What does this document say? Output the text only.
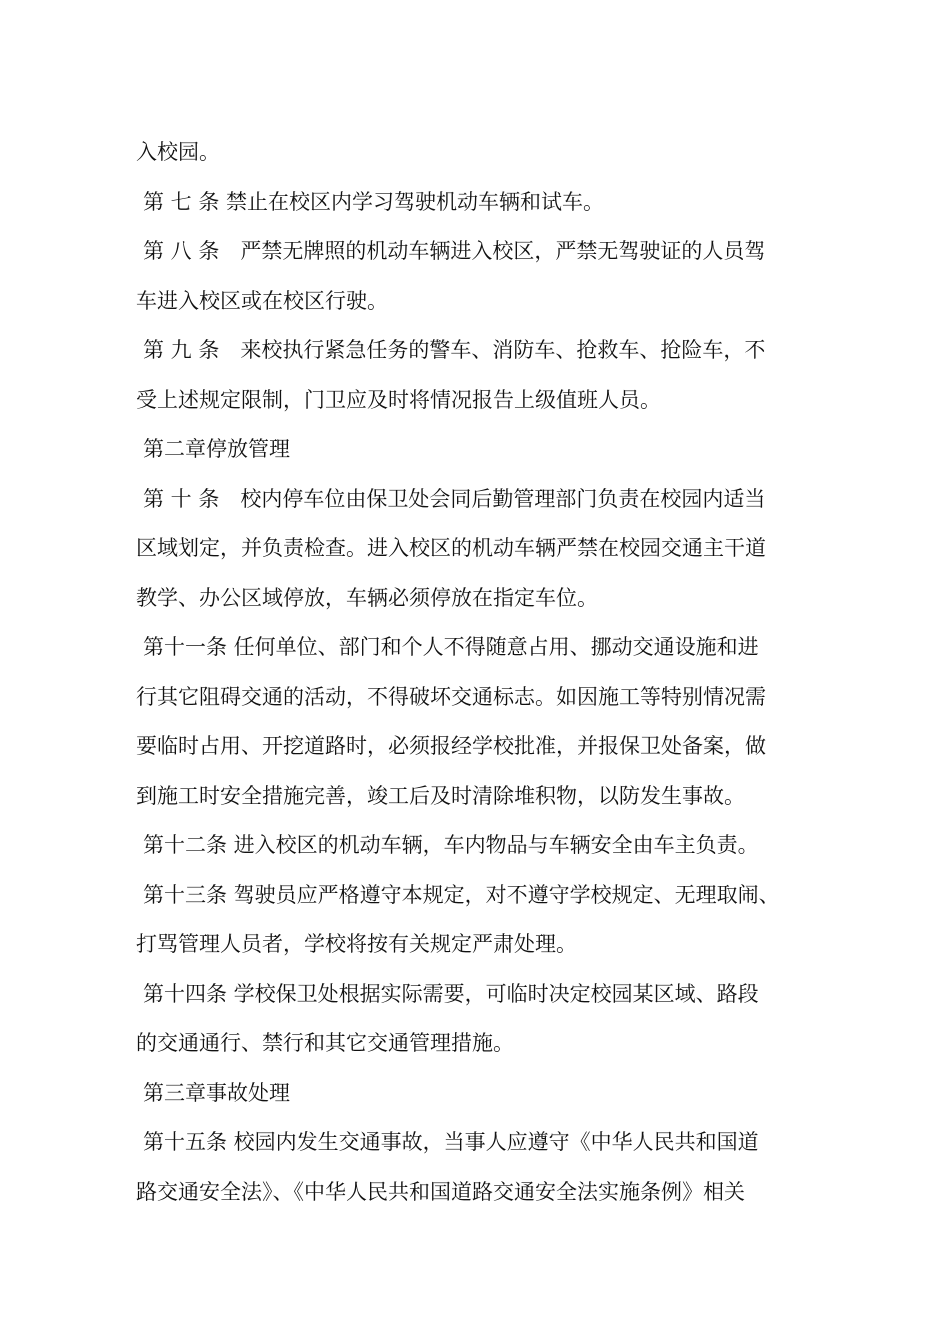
入校园。
第 七 条 禁止在校区内学习驾驶机动车辆和试车。
第 八 条　严禁无牌照的机动车辆进入校区，严禁无驾驶证的人员驾
车进入校区或在校区行驶。
第 九 条　来校执行紧急任务的警车、消防车、抢救车、抢险车，不
受上述规定限制，门卫应及时将情况报告上级值班人员。
第二章停放管理
第 十 条　校内停车位由保卫处会同后勤管理部门负责在校园内适当
区域划定，并负责检查。进入校区的机动车辆严禁在校园交通主干道
教学、办公区域停放，车辆必须停放在指定车位。
第十一条 任何单位、部门和个人不得随意占用、挪动交通设施和进
行其它阻碍交通的活动，不得破坏交通标志。如因施工等特别情况需
要临时占用、开挖道路时，必须报经学校批准，并报保卫处备案，做
到施工时安全措施完善，竣工后及时清除堆积物，以防发生事故。
第十二条 进入校区的机动车辆，车内物品与车辆安全由车主负责。
第十三条 驾驶员应严格遵守本规定，对不遵守学校规定、无理取闹、
打骂管理人员者，学校将按有关规定严肃处理。
第十四条 学校保卫处根据实际需要，可临时决定校园某区域、路段
的交通通行、禁行和其它交通管理措施。
第三章事故处理
第十五条 校园内发生交通事故，当事人应遵守《中华人民共和国道
路交通安全法》、《中华人民共和国道路交通安全法实施条例》相关
